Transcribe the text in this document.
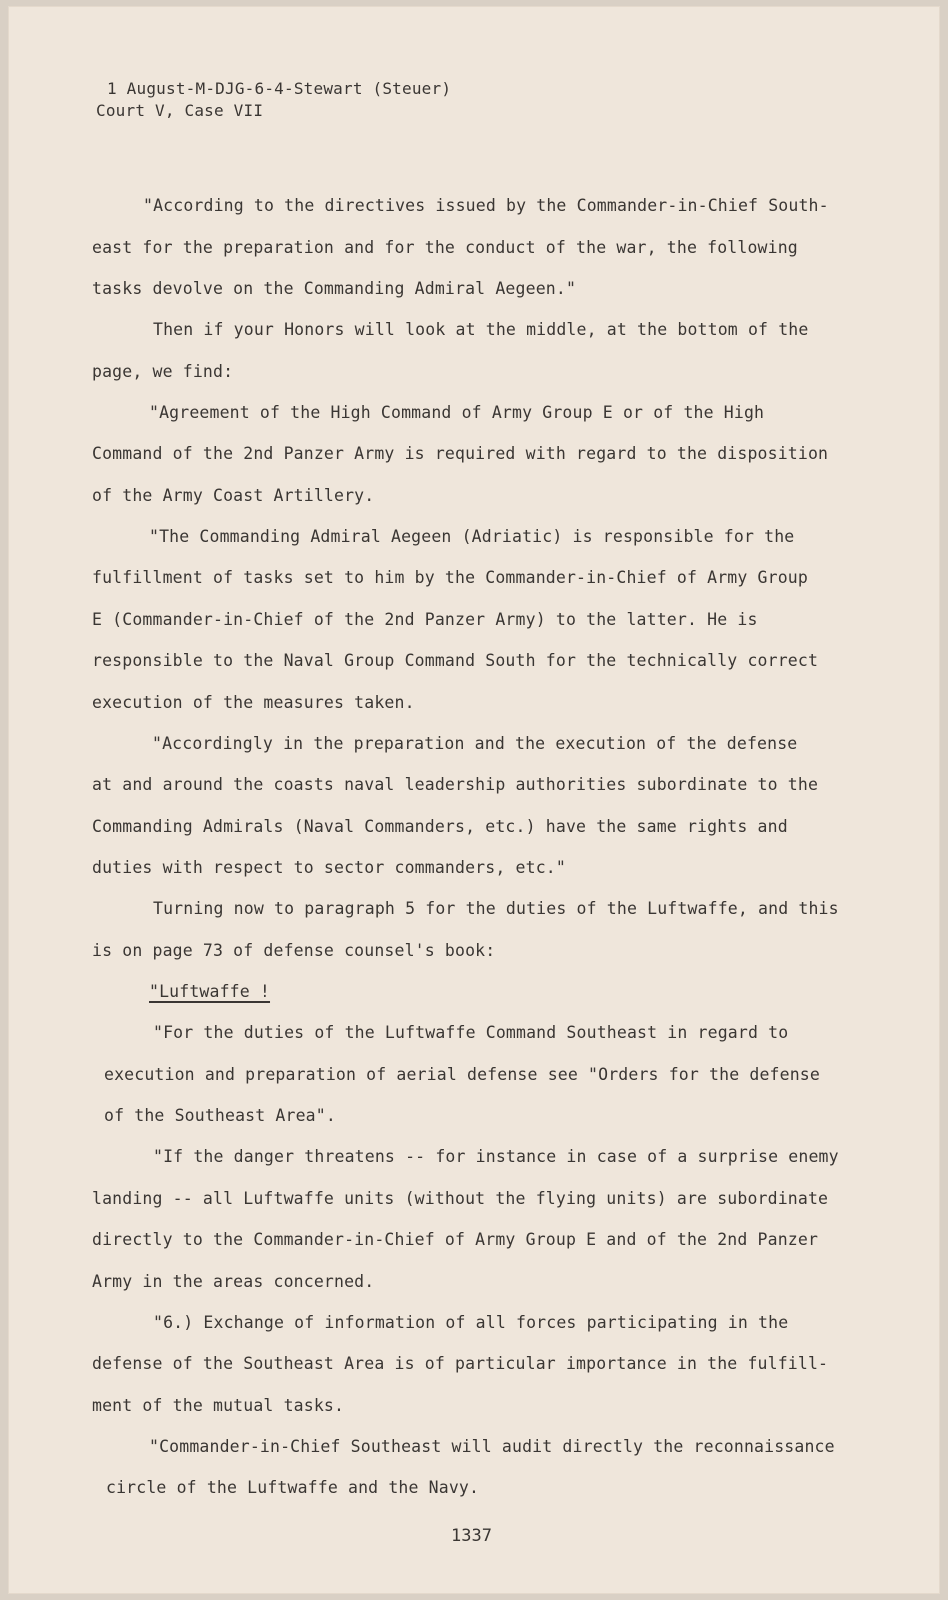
1 August-M-DJG-6-4-Stewart (Steuer)
Court V, Case VII
"According to the directives issued by the Commander-in-Chief South-
east for the preparation and for the conduct of the war, the following
tasks devolve on the Commanding Admiral Aegeen."
Then if your Honors will look at the middle, at the bottom of the
page, we find:
"Agreement of the High Command of Army Group E or of the High
Command of the 2nd Panzer Army is required with regard to the disposition
of the Army Coast Artillery.
"The Commanding Admiral Aegeen (Adriatic) is responsible for the
fulfillment of tasks set to him by the Commander-in-Chief of Army Group
E (Commander-in-Chief of the 2nd Panzer Army) to the latter. He is
responsible to the Naval Group Command South for the technically correct
execution of the measures taken.
"Accordingly in the preparation and the execution of the defense
at and around the coasts naval leadership authorities subordinate to the
Commanding Admirals (Naval Commanders, etc.) have the same rights and
duties with respect to sector commanders, etc."
Turning now to paragraph 5 for the duties of the Luftwaffe, and this
is on page 73 of defense counsel's book:
"Luftwaffe !
"For the duties of the Luftwaffe Command Southeast in regard to
execution and preparation of aerial defense see "Orders for the defense
of the Southeast Area".
"If the danger threatens -- for instance in case of a surprise enemy
landing -- all Luftwaffe units (without the flying units) are subordinate
directly to the Commander-in-Chief of Army Group E and of the 2nd Panzer
Army in the areas concerned.
"6.) Exchange of information of all forces participating in the
defense of the Southeast Area is of particular importance in the fulfill-
ment of the mutual tasks.
"Commander-in-Chief Southeast will audit directly the reconnaissance
circle of the Luftwaffe and the Navy.
1337
